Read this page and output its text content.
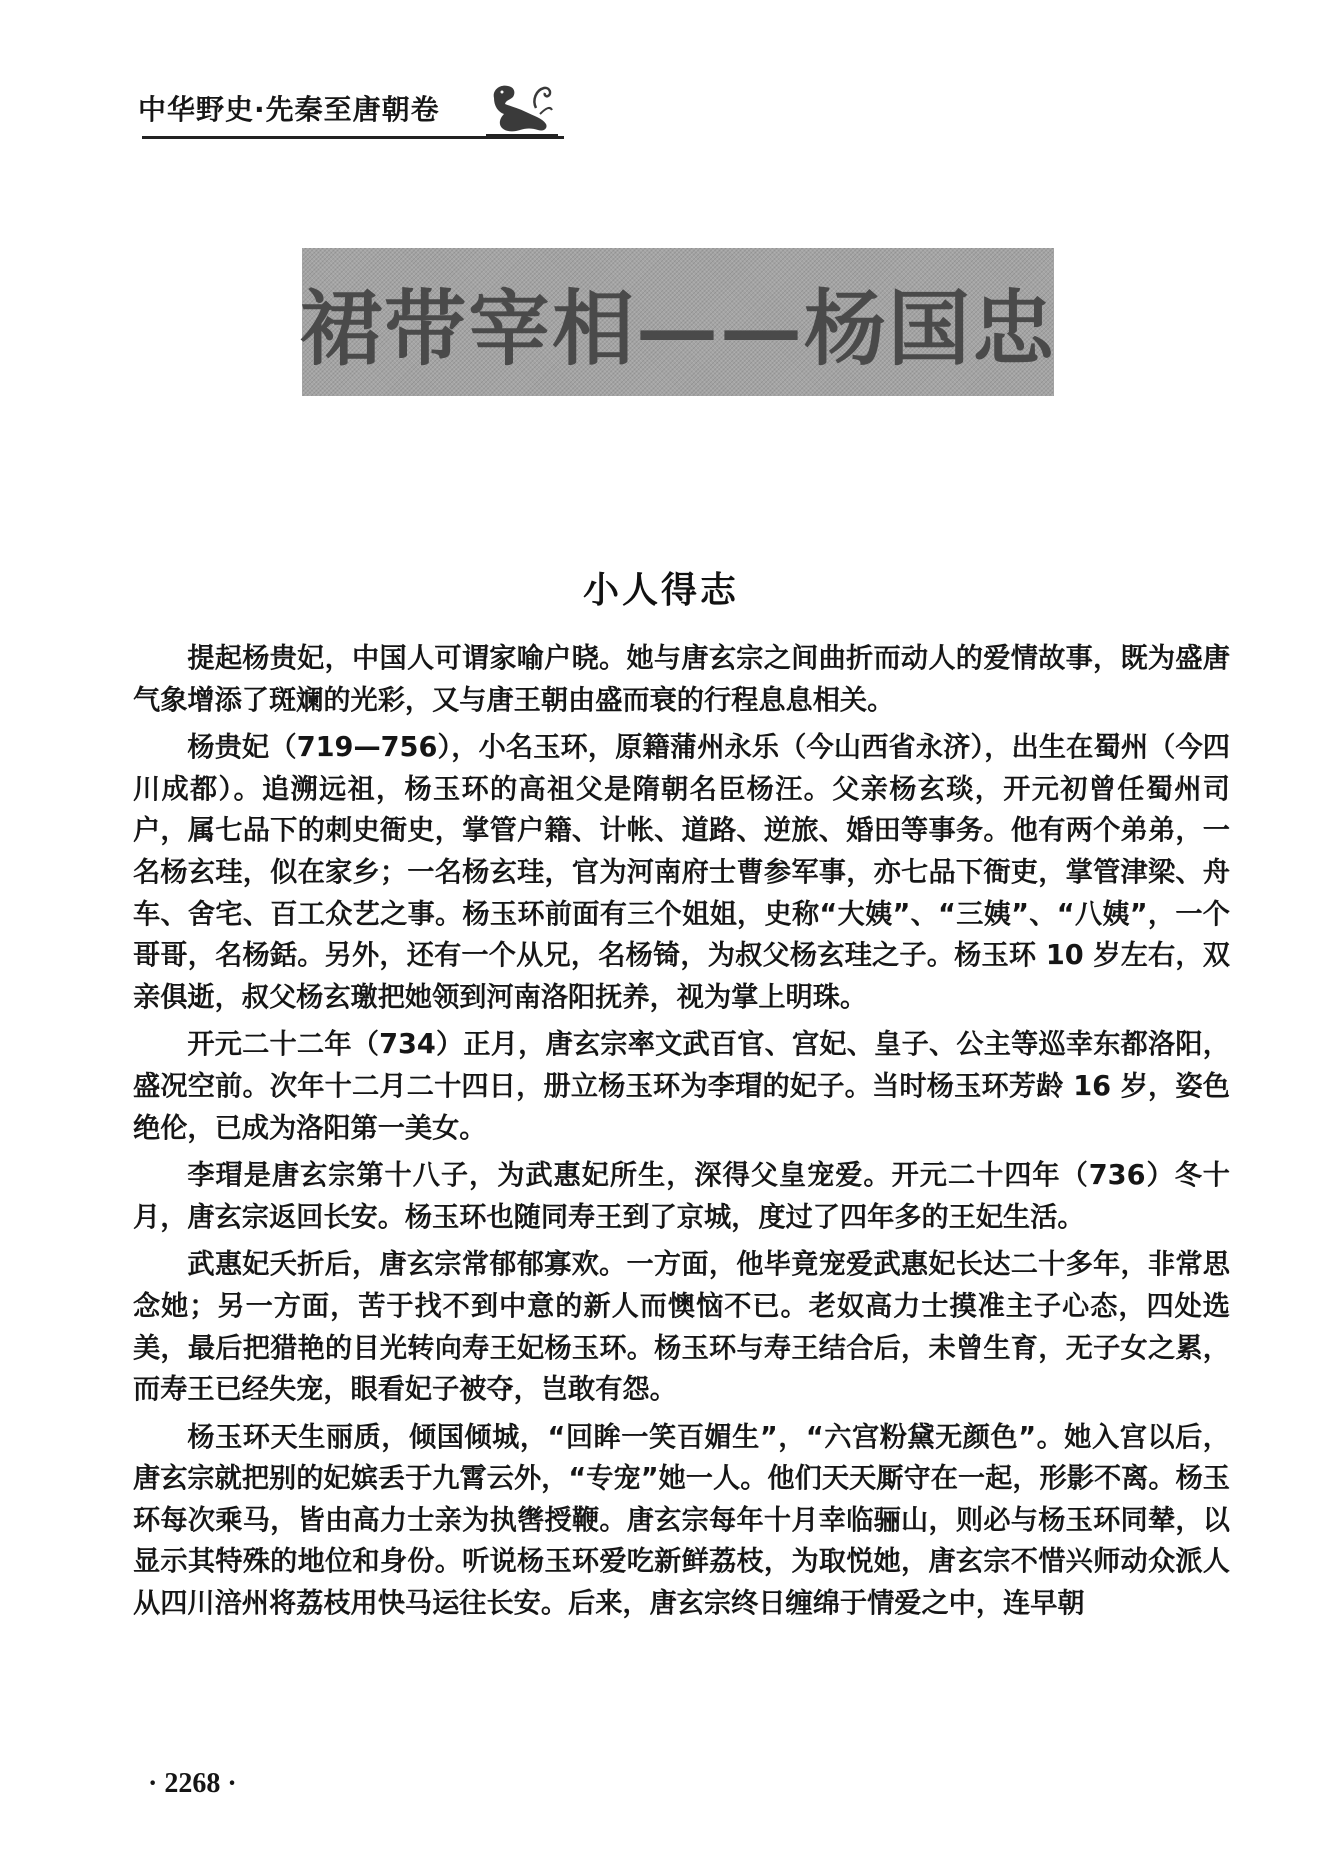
中华野史·先秦至唐朝卷
裙带宰相——杨国忠
小人得志

提起杨贵妃，中国人可谓家喻户晓。她与唐玄宗之间曲折而动人的爱情故事，既为盛唐气象增添了斑斓的光彩，又与唐王朝由盛而衰的行程息息相关。

杨贵妃（719—756），小名玉环，原籍蒲州永乐（今山西省永济），出生在蜀州（今四川成都）。追溯远祖，杨玉环的高祖父是隋朝名臣杨汪。父亲杨玄琰，开元初曾任蜀州司户，属七品下的刺史衙史，掌管户籍、计帐、道路、逆旅、婚田等事务。他有两个弟弟，一名杨玄珪，似在家乡；一名杨玄珪，官为河南府士曹参军事，亦七品下衙吏，掌管津梁、舟车、舍宅、百工众艺之事。杨玉环前面有三个姐姐，史称“大姨”、“三姨”、“八姨”，一个哥哥，名杨銛。另外，还有一个从兄，名杨锜，为叔父杨玄珪之子。杨玉环 10 岁左右，双亲俱逝，叔父杨玄璬把她领到河南洛阳抚养，视为掌上明珠。

开元二十二年（734）正月，唐玄宗率文武百官、宫妃、皇子、公主等巡幸东都洛阳，盛况空前。次年十二月二十四日，册立杨玉环为李瑁的妃子。当时杨玉环芳龄 16 岁，姿色绝伦，已成为洛阳第一美女。

李瑁是唐玄宗第十八子，为武惠妃所生，深得父皇宠爱。开元二十四年（736）冬十月，唐玄宗返回长安。杨玉环也随同寿王到了京城，度过了四年多的王妃生活。

武惠妃夭折后，唐玄宗常郁郁寡欢。一方面，他毕竟宠爱武惠妃长达二十多年，非常思念她；另一方面，苦于找不到中意的新人而懊恼不已。老奴高力士摸准主子心态，四处选美，最后把猎艳的目光转向寿王妃杨玉环。杨玉环与寿王结合后，未曾生育，无子女之累，而寿王已经失宠，眼看妃子被夺，岂敢有怨。

杨玉环天生丽质，倾国倾城，“回眸一笑百媚生”，“六宫粉黛无颜色”。她入宫以后，唐玄宗就把别的妃嫔丢于九霄云外，“专宠”她一人。他们天天厮守在一起，形影不离。杨玉环每次乘马，皆由高力士亲为执辔授鞭。唐玄宗每年十月幸临骊山，则必与杨玉环同辇，以显示其特殊的地位和身份。听说杨玉环爱吃新鲜荔枝，为取悦她，唐玄宗不惜兴师动众派人从四川涪州将荔枝用快马运往长安。后来，唐玄宗终日缠绵于情爱之中，连早朝

· 2268 ·
